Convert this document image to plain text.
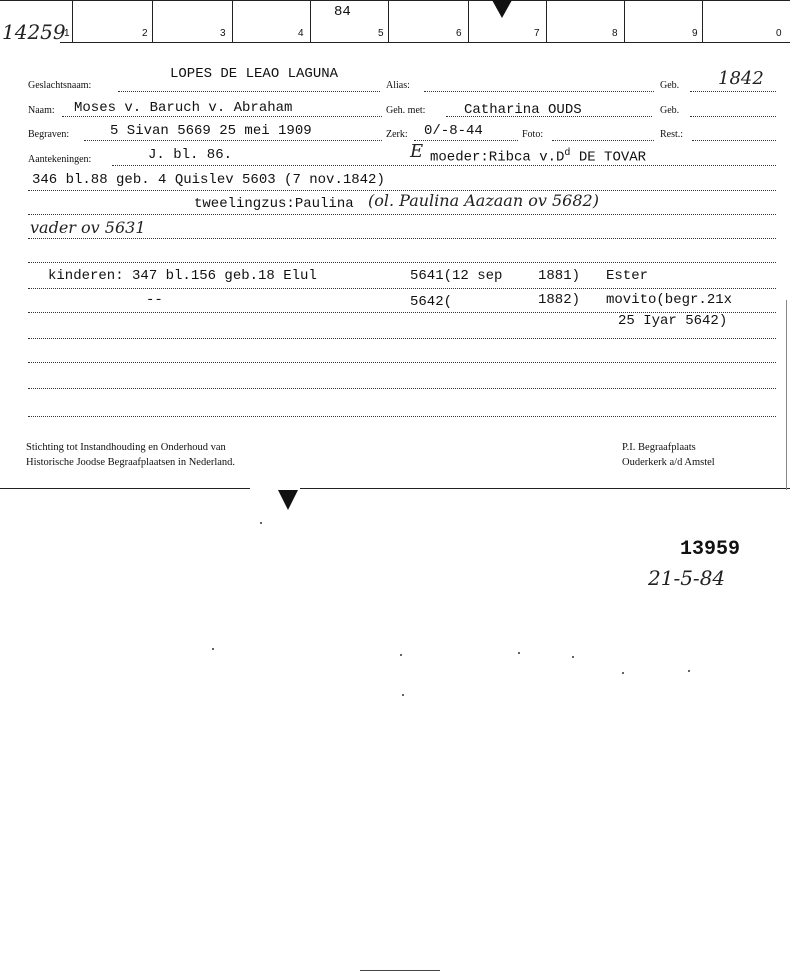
1	2	3	4	5	6	7	8	9	0
84
14259
Geslachtsnaam:
LOPES DE LEAO LAGUNA
Alias:	Geb. 1842
Naam: Moses v. Baruch v. Abraham	Geh. met:	Catharina OUDS	Geb.
Begraven:	5 Sivan 5669 25 mei 1909	Zerk: 0/-8-44	Foto:	Rest.:
Aantekeningen:	J. bl. 86.	E moeder:Ribca $v.D^d$ DE TOVAR
346 bl.88 geb. 4 Quislev 5603 (7 nov.1842)
tweelingzus:Paulina (ol. Paulina Aazaan ov 5682)
vader ov 5631
kinderen: 347 bl.156 geb.18 Elul	5641(12 sep	1881) Ester
--	5642(	1882) movito(begr.21x
25 Iyar 5642)
Stichting tot Instandhouding en Onderhoud van
Historische Joodse Begraafplaatsen in Nederland.
P.I. Begraafplaats
Ouderkerk a/d Amstel
13959
21-5-84
